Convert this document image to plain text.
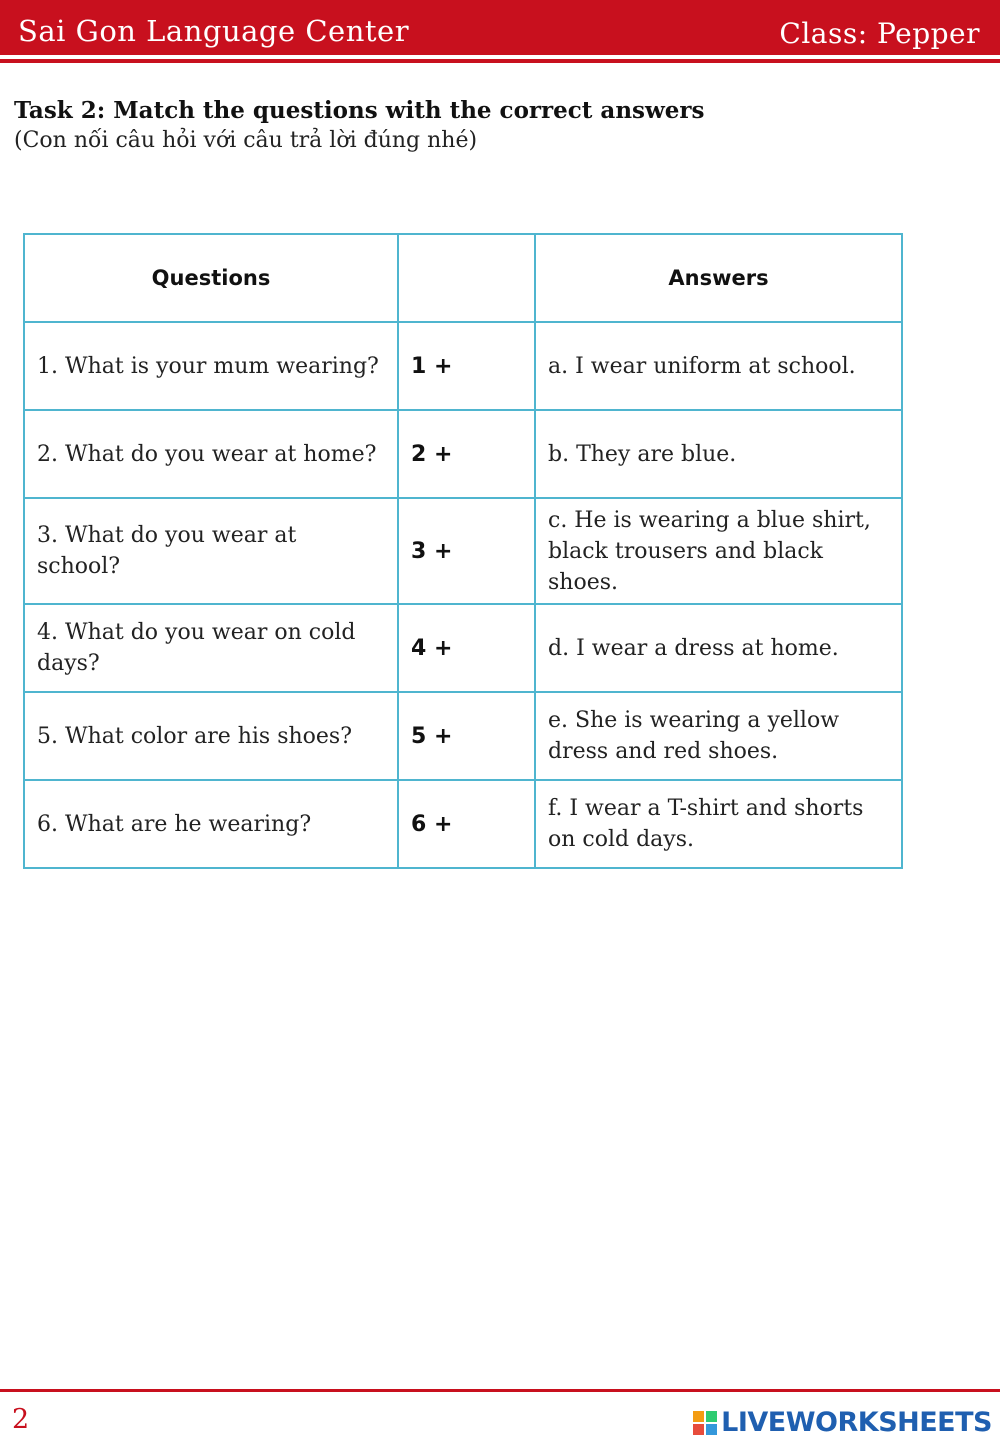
Sai Gon Language Center	Class: Pepper
Task 2: Match the questions with the correct answers
(Con nối câu hỏi với câu trả lời đúng nhé)
Questions		Answers
1. What is your mum wearing?	1 +	a. I wear uniform at school.
2. What do you wear at home?	2 +	b. They are blue.
3. What do you wear at school?	3 +	c. He is wearing a blue shirt, black trousers and black shoes.
4. What do you wear on cold days?	4 +	d. I wear a dress at home.
5. What color are his shoes?	5 +	e. She is wearing a yellow dress and red shoes.
6. What are he wearing?	6 +	f. I wear a T-shirt and shorts on cold days.
2	LIVEWORKSHEETS
